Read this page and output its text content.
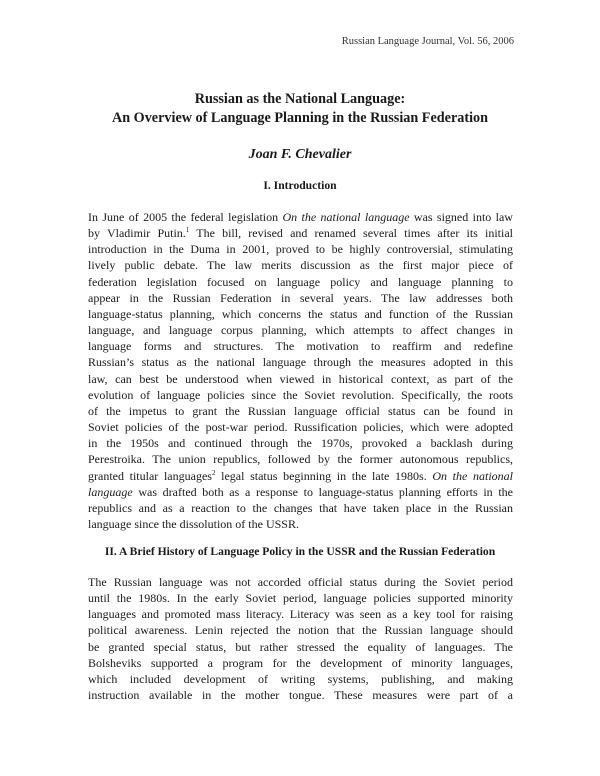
Russian Language Journal, Vol. 56, 2006
Russian as the National Language:
An Overview of Language Planning in the Russian Federation
Joan F. Chevalier
I. Introduction

In June of 2005 the federal legislation On the national language was signed into law
by Vladimir Putin.$^1$ The bill, revised and renamed several times after its initial
introduction in the Duma in 2001, proved to be highly controversial, stimulating
lively public debate. The law merits discussion as the first major piece of
federation legislation focused on language policy and language planning to
appear in the Russian Federation in several years. The law addresses both
language-status planning, which concerns the status and function of the Russian
language, and language corpus planning, which attempts to affect changes in
language forms and structures. The motivation to reaffirm and redefine
Russian’s status as the national language through the measures adopted in this
law, can best be understood when viewed in historical context, as part of the
evolution of language policies since the Soviet revolution. Specifically, the roots
of the impetus to grant the Russian language official status can be found in
Soviet policies of the post-war period. Russification policies, which were adopted
in the 1950s and continued through the 1970s, provoked a backlash during
Perestroika. The union republics, followed by the former autonomous republics,
granted titular languages$^2$ legal status beginning in the late 1980s. On the national
language was drafted both as a response to language-status planning efforts in the
republics and as a reaction to the changes that have taken place in the Russian
language since the dissolution of the USSR.

II. A Brief History of Language Policy in the USSR and the Russian Federation

The Russian language was not accorded official status during the Soviet period
until the 1980s. In the early Soviet period, language policies supported minority
languages and promoted mass literacy. Literacy was seen as a key tool for raising
political awareness. Lenin rejected the notion that the Russian language should
be granted special status, but rather stressed the equality of languages. The
Bolsheviks supported a program for the development of minority languages,
which included development of writing systems, publishing, and making
instruction available in the mother tongue. These measures were part of a
